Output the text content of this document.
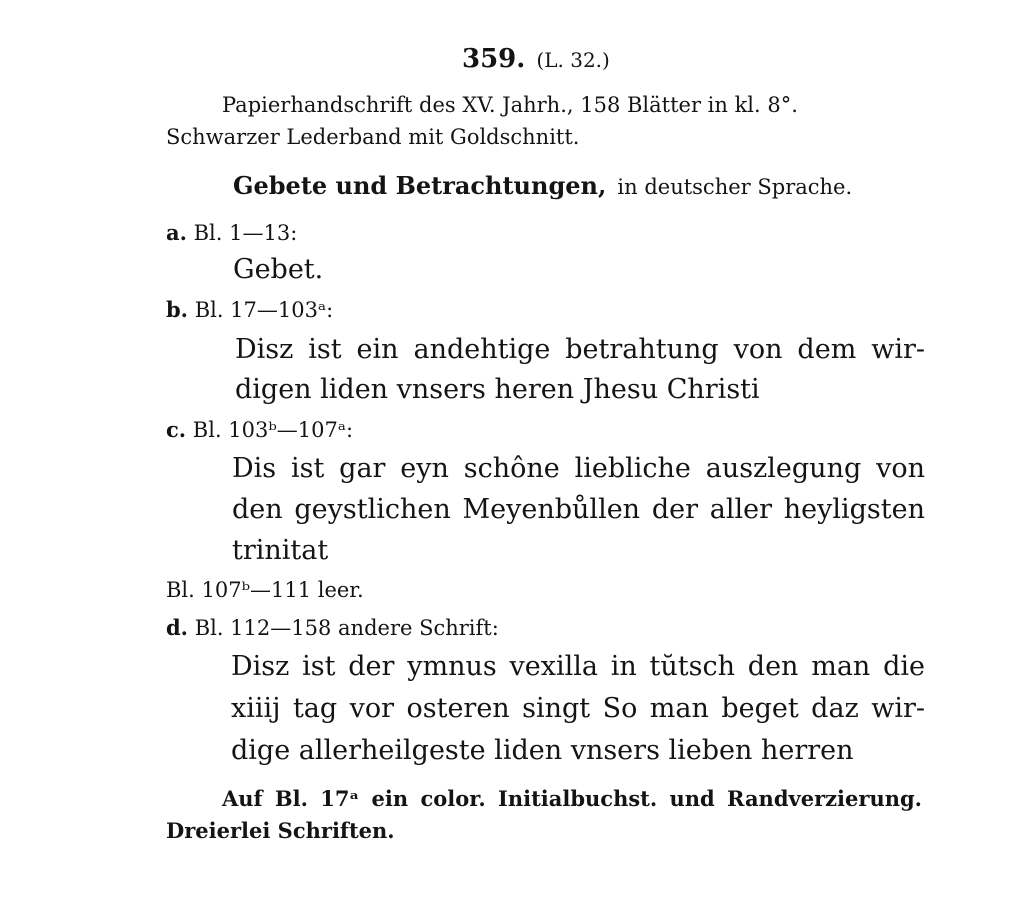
359. (L. 32.)
Papierhandschrift des XV. Jahrh., 158 Blätter in kl. 8°.
Schwarzer Lederband mit Goldschnitt.
Gebete und Betrachtungen, in deutscher Sprache.
a. Bl. 1—13:
Gebet.
b. Bl. 17—103ᵃ:
Disz ist ein andehtige betrahtung von dem wir-
digen liden vnsers heren Jhesu Christi
c. Bl. 103ᵇ—107ᵃ:
Dis ist gar eyn schône liebliche auszlegung von
den geystlichen Meyenbůllen der aller heyligsten
trinitat
Bl. 107ᵇ—111 leer.
d. Bl. 112—158 andere Schrift:
Disz ist der ymnus vexilla in tŭtsch den man die
xiiij tag vor osteren singt So man beget daz wir-
dige allerheilgeste liden vnsers lieben herren
Auf Bl. 17ᵃ ein color. Initialbuchst. und Randverzierung.
Dreierlei Schriften.
